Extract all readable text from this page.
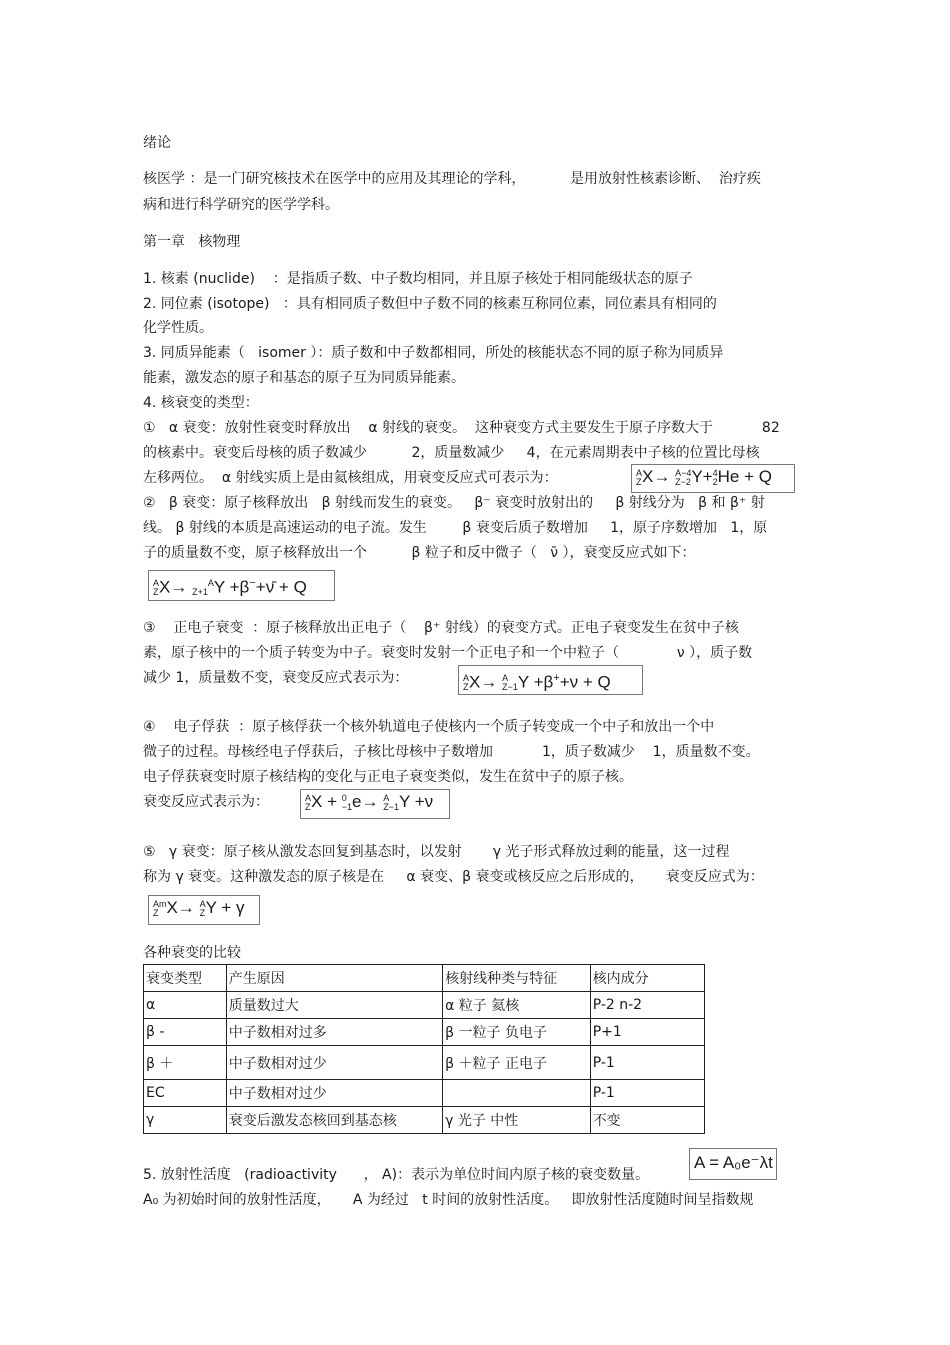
绪论
核医学 ：是一门研究核技术在医学中的应用及其理论的学科，          是用放射性核素诊断、  治疗疾
病和进行科学研究的医学学科。
第一章   核物理
1. 核素 (nuclide)    ：是指质子数、中子数均相同，并且原子核处于相同能级状态的原子
2. 同位素 (isotope)   ：具有相同质子数但中子数不同的核素互称同位素，同位素具有相同的
化学性质。
3. 同质异能素（   isomer ）：质子数和中子数都相同，所处的核能状态不同的原子称为同质异
能素，激发态的原子和基态的原子互为同质异能素。
4. 核衰变的类型：
①   α 衰变：放射性衰变时释放出    α 射线的衰变。  这种衰变方式主要发生于原子序数大于           82
的核素中。衰变后母核的质子数减少          2，质量数减少     4，在元素周期表中子核的位置比母核
左移两位。  α 射线实质上是由氦核组成，用衰变反应式可表示为：	A
Z X→ A−4
Z−2 Y+ 4
2 He + Q
②   β 衰变：原子核释放出   β 射线而发生的衰变。   β⁻ 衰变时放射出的     β 射线分为   β 和 β⁺ 射
线。 β 射线的本质是高速运动的电子流。发生        β 衰变后质子数增加     1，原子序数增加   1，原
子的质量数不变，原子核释放出一个          β 粒子和反中微子（   ν̄ ），衰变反应式如下：
A
Z X→
Z+1
A
Y +β−+ν̄ + Q
③    正电子衰变  ：原子核释放出正电子（    β⁺ 射线）的衰变方式。正电子衰变发生在贫中子核
素，原子核中的一个质子转变为中子。衰变时发射一个正电子和一个中粒子（             ν ），质子数
减少 1，质量数不变，衰变反应式表示为：	A
Z X→ A
Z−1 Y +β++ν + Q
④    电子俘获  ：原子核俘获一个核外轨道电子使核内一个质子转变成一个中子和放出一个中
微子的过程。母核经电子俘获后，子核比母核中子数增加           1，质子数减少    1，质量数不变。
电子俘获衰变时原子核结构的变化与正电子衰变类似，发生在贫中子的原子核。
衰变反应式表示为：	A
Z X + 0
−1 e→ A
Z−1 Y +ν
⑤   γ 衰变：原子核从激发态回复到基态时，以发射       γ 光子形式释放过剩的能量，这一过程
称为 γ 衰变。这种激发态的原子核是在     α 衰变、β 衰变或核反应之后形成的，     衰变反应式为：
Am
Z X→ A
Z Y + γ
各种衰变的比较
衰变类型	产生原因	核射线种类与特征	核内成分
α	质量数过大	α 粒子 氦核	P-2 n-2
β -	中子数相对过多	β 一粒子 负电子	P+1
β ＋	中子数相对过少	β ＋粒子 正电子	P-1
EC	中子数相对过少		P-1
γ	衰变后激发态核回到基态核	γ 光子 中性	不变
5. 放射性活度   (radioactivity      ， A)：表示为单位时间内原子核的衰变数量。
A = A₀e⁻λt
A₀ 为初始时间的放射性活度，     A 为经过   t 时间的放射性活度。   即放射性活度随时间呈指数规
